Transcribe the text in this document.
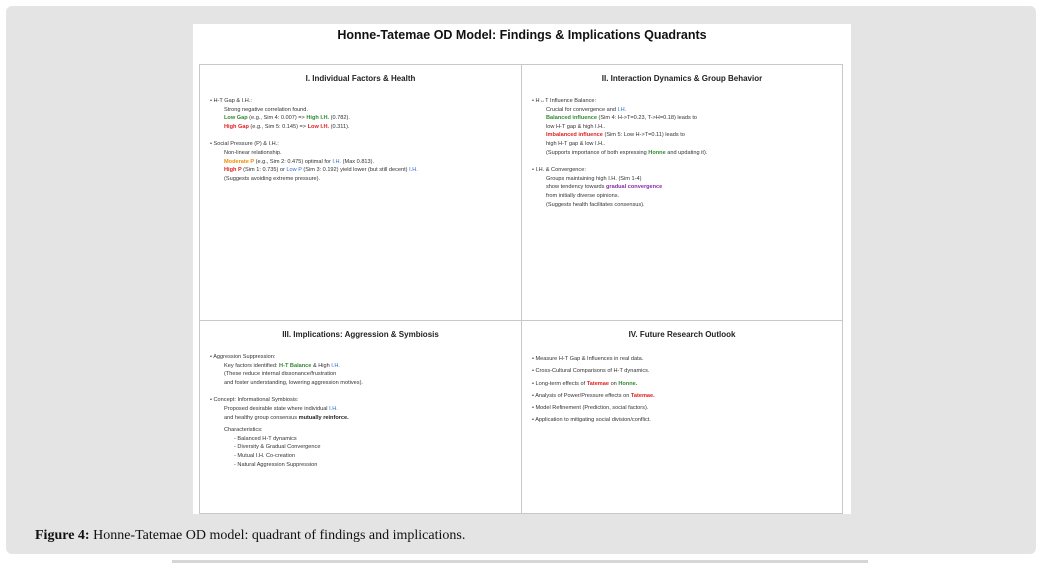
Honne-Tatemae OD Model: Findings & Implications Quadrants
I. Individual Factors & Health

• H-T Gap & I.H.:

Strong negative correlation found.

Low Gap (e.g., Sim 4: 0.007) => High I.H. (0.782).

High Gap (e.g., Sim 5: 0.145) => Low I.H. (0.311).

• Social Pressure (P) & I.H.:

Non-linear relationship.

Moderate P (e.g., Sim 2: 0.475) optimal for I.H. (Max 0.813).

High P (Sim 1: 0.735) or Low P (Sim 3: 0.192) yield lower (but still decent) I.H.

(Suggests avoiding extreme pressure).

II. Interaction Dynamics & Group Behavior

• H↔T Influence Balance:

Crucial for convergence and I.H.

Balanced influence (Sim 4: H->T=0.23, T->H=0.18) leads to

low H-T gap & high I.H..

Imbalanced influence (Sim 5: Low H->T=0.11) leads to

high H-T gap & low I.H..

(Supports importance of both expressing Honne and updating it).

• I.H. & Convergence:

Groups maintaining high I.H. (Sim 1-4)

show tendency towards gradual convergence

from initially diverse opinions.

(Suggests health facilitates consensus).

III. Implications: Aggression & Symbiosis

• Aggression Suppression:

Key factors identified: H-T Balance & High I.H.

(These reduce internal dissonance/frustration

and foster understanding, lowering aggression motives).

• Concept: Informational Symbiosis:

Proposed desirable state where individual I.H.

and healthy group consensus mutually reinforce.

Characteristics:

- Balanced H-T dynamics

- Diversity & Gradual Convergence

- Mutual I.H. Co-creation

- Natural Aggression Suppression

IV. Future Research Outlook

• Measure H-T Gap & Influences in real data.

• Cross-Cultural Comparisons of H-T dynamics.

• Long-term effects of Tatemae on Honne.

• Analysis of Power/Pressure effects on Tatemae.

• Model Refinement (Prediction, social factors).

• Application to mitigating social division/conflict.

Figure 4: Honne-Tatemae OD model: quadrant of findings and implications.
